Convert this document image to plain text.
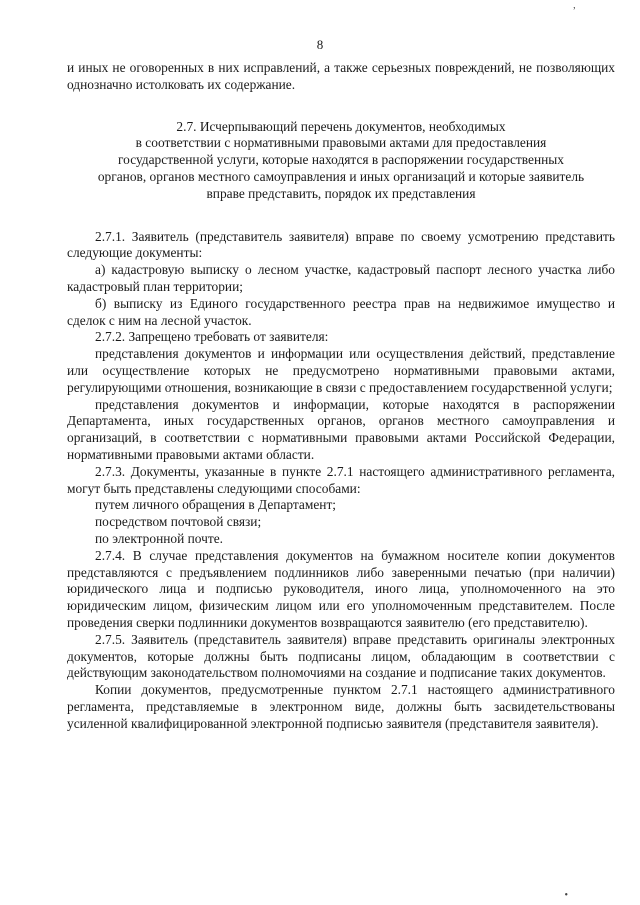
‚
8

и иных не оговоренных в них исправлений, а также серьезных повреждений, не позволяющих однозначно истолковать их содержание.

2.7. Исчерпывающий перечень документов, необходимых
в соответствии с нормативными правовыми актами для предоставления
государственной услуги, которые находятся в распоряжении государственных
органов, органов местного самоуправления и иных организаций и которые заявитель
вправе представить, порядок их представления

2.7.1. Заявитель (представитель заявителя) вправе по своему усмотрению представить следующие документы:

а) кадастровую выписку о лесном участке, кадастровый паспорт лесного участка либо кадастровый план территории;

б) выписку из Единого государственного реестра прав на недвижимое имущество и сделок с ним на лесной участок.

2.7.2. Запрещено требовать от заявителя:

представления документов и информации или осуществления действий, представление или осуществление которых не предусмотрено нормативными правовыми актами, регулирующими отношения, возникающие в связи с предоставлением государственной услуги;

представления документов и информации, которые находятся в распоряжении Департамента, иных государственных органов, органов местного самоуправления и организаций, в соответствии с нормативными правовыми актами Российской Федерации, нормативными правовыми актами области.

2.7.3. Документы, указанные в пункте 2.7.1 настоящего административного регламента, могут быть представлены следующими способами:

путем личного обращения в Департамент;

посредством почтовой связи;

по электронной почте.

2.7.4. В случае представления документов на бумажном носителе копии документов представляются с предъявлением подлинников либо заверенными печатью (при наличии) юридического лица и подписью руководителя, иного лица, уполномоченного на это юридическим лицом, физическим лицом или его уполномоченным представителем. После проведения сверки подлинники документов возвращаются заявителю (его представителю).

2.7.5. Заявитель (представитель заявителя) вправе представить оригиналы электронных документов, которые должны быть подписаны лицом, обладающим в соответствии с действующим законодательством полномочиями на создание и подписание таких документов.

Копии документов, предусмотренные пунктом 2.7.1 настоящего административного регламента, представляемые в электронном виде, должны быть засвидетельствованы усиленной квалифицированной электронной подписью заявителя (представителя заявителя).

•
